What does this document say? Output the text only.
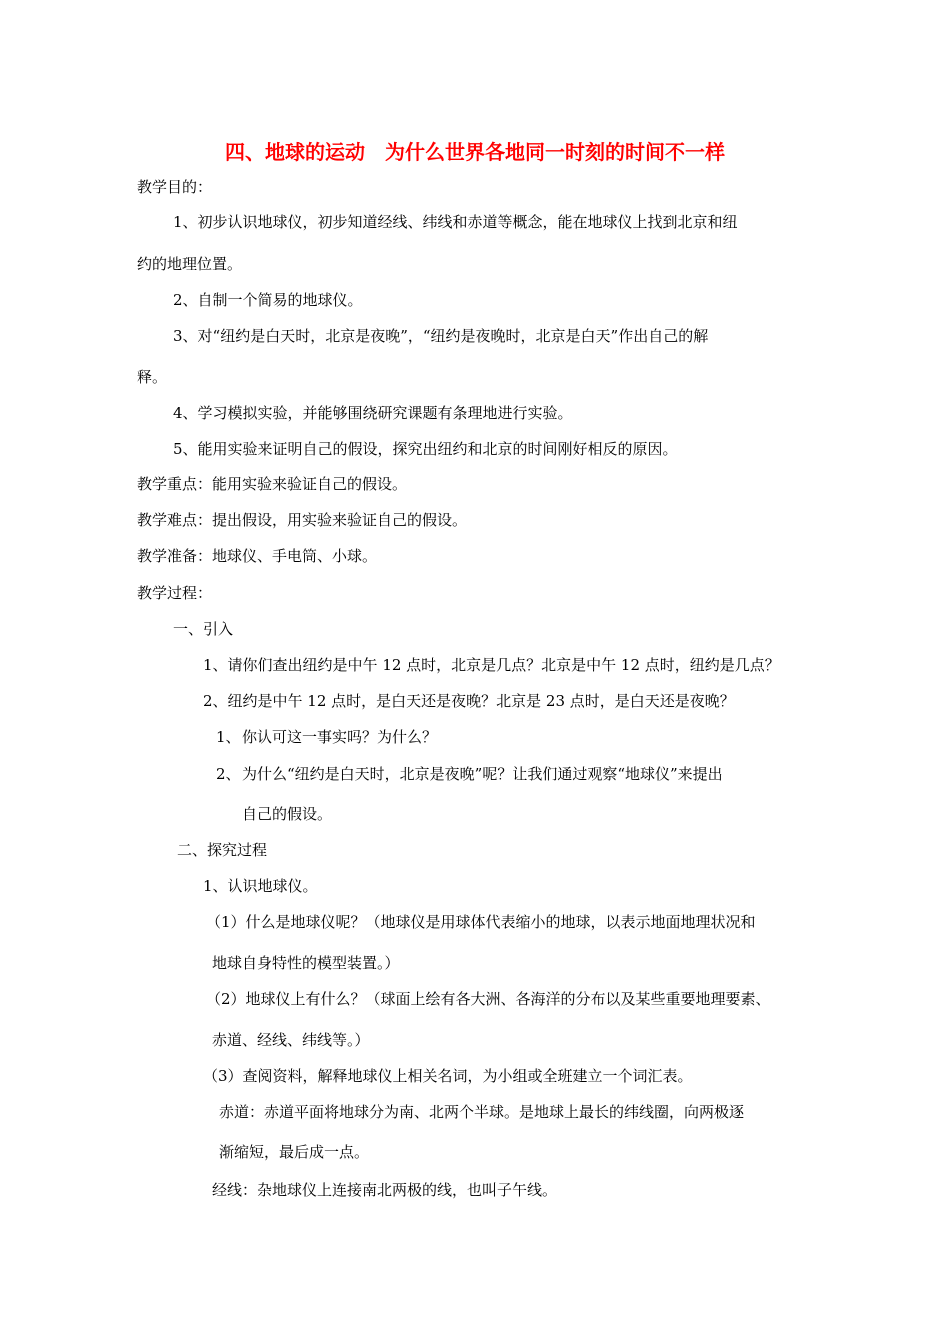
四、地球的运动　为什么世界各地同一时刻的时间不一样
教学目的：
1、初步认识地球仪，初步知道经线、纬线和赤道等概念，能在地球仪上找到北京和纽
约的地理位置。
2、自制一个简易的地球仪。
3、对“纽约是白天时，北京是夜晚”，“纽约是夜晚时，北京是白天”作出自己的解
释。
4、学习模拟实验，并能够围绕研究课题有条理地进行实验。
5、能用实验来证明自己的假设，探究出纽约和北京的时间刚好相反的原因。
教学重点：能用实验来验证自己的假设。
教学难点：提出假设，用实验来验证自己的假设。
教学准备：地球仪、手电筒、小球。
教学过程：
一、引入
1、请你们查出纽约是中午 12 点时，北京是几点？北京是中午 12 点时，纽约是几点？
2、纽约是中午 12 点时，是白天还是夜晚？北京是 23 点时，是白天还是夜晚？
1、 你认可这一事实吗？为什么？
2、 为什么“纽约是白天时，北京是夜晚”呢？让我们通过观察“地球仪”来提出
自己的假设。
二、探究过程
1、认识地球仪。
（1）什么是地球仪呢？（地球仪是用球体代表缩小的地球，以表示地面地理状况和
地球自身特性的模型装置。）
（2）地球仪上有什么？（球面上绘有各大洲、各海洋的分布以及某些重要地理要素、
赤道、经线、纬线等。）
（3）查阅资料，解释地球仪上相关名词，为小组或全班建立一个词汇表。
赤道：赤道平面将地球分为南、北两个半球。是地球上最长的纬线圈，向两极逐
渐缩短，最后成一点。
经线：杂地球仪上连接南北两极的线，也叫子午线。
